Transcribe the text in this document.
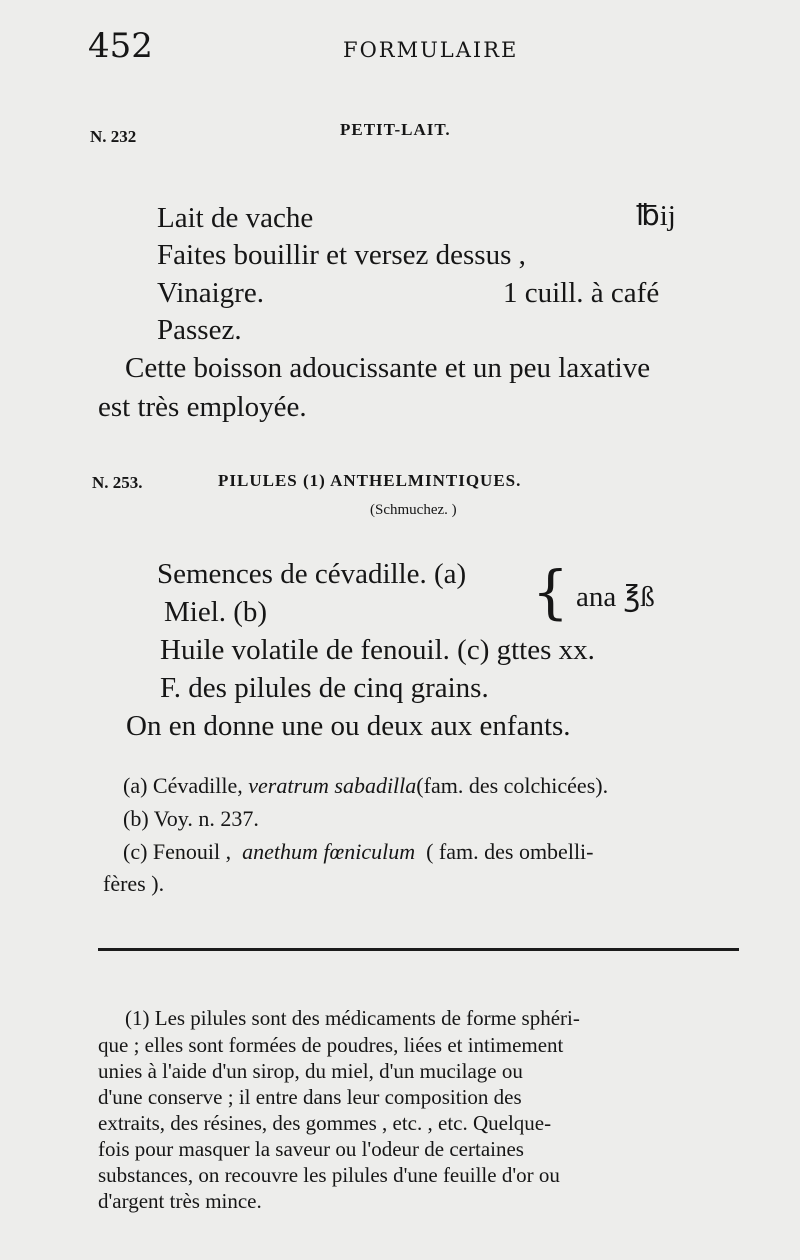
452	FORMULAIRE
N. 232	PETIT-LAIT.
Lait de vache	℔ij
Faites bouillir et versez dessus ,
Vinaigre.	1 cuill. à café
Passez.
Cette boisson adoucissante et un peu laxative
est très employée.
N. 253.	PILULES (1) ANTHELMINTIQUES.
(Schmuchez. )
Semences de cévadille. (a)
Miel. (b)	{ ana ℥ß
Huile volatile de fenouil. (c) gttes xx.
F. des pilules de cinq grains.
On en donne une ou deux aux enfants.
(a) Cévadille, veratrum sabadilla(fam. des colchicées).
(b) Voy. n. 237.
(c) Fenouil , anethum fœniculum ( fam. des ombelli-
fères ).
(1) Les pilules sont des médicaments de forme sphéri-
que ; elles sont formées de poudres, liées et intimement
unies à l'aide d'un sirop, du miel, d'un mucilage ou
d'une conserve ; il entre dans leur composition des
extraits, des résines, des gommes , etc. , etc. Quelque-
fois pour masquer la saveur ou l'odeur de certaines
substances, on recouvre les pilules d'une feuille d'or ou
d'argent très mince.
